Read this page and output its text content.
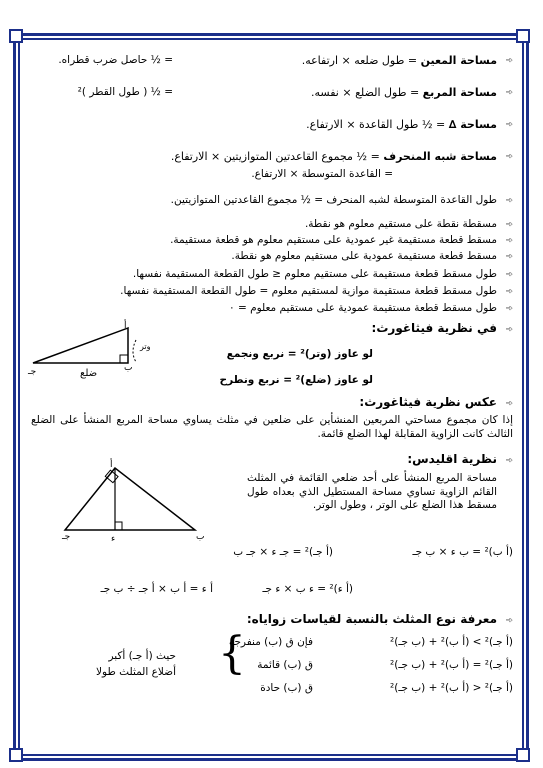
➾
مساحة المعين = طول ضلعه × ارتفاعه.
= ½ حاصل ضرب قطراه.
➾
مساحة المربع = طول الضلع × نفسه.
= ½ ( طول القطر )²
➾
مساحة ∆ = ½ طول القاعدة × الارتفاع.
➾
مساحة شبه المنحرف = ½ مجموع القاعدتين المتوازيتين × الارتفاع.
= القاعدة المتوسطة × الارتفاع.
➾
طول القاعدة المتوسطة لشبه المنحرف = ½ مجموع القاعدتين المتوازيتين.
➾
مسقطة نقطة على مستقيم معلوم هو نقطة.
➾
مسقط قطعة مستقيمة غير عمودية على مستقيم معلوم هو قطعة مستقيمة.
➾
مسقط قطعة مستقيمة عمودية على مستقيم معلوم هو نقطة.
➾
طول مسقط قطعة مستقيمة على مستقيم معلوم ≤ طول القطعة المستقيمة نفسها.
➾
طول مسقط قطعة مستقيمة موازية لمستقيم معلوم = طول القطعة المستقيمة نفسها.
➾
طول مسقط قطعة مستقيمة عمودية على مستقيم معلوم = ٠
➾
في نظرية فيثاغورث:
لو عاوز (وتر)² = نربع ونجمع
لو عاوز (ضلع)² = نربع ونطرح
أ
ب
جـ	ضلع
وتر
➾
عكس نظرية فيثاغورث:
إذا كان مجموع مساحتي المربعين المنشأين على ضلعين في مثلث يساوي مساحة المربع المنشأ على الضلع الثالث كانت الزاوية المقابلة لهذا الضلع قائمة.
➾
نظرية اقليدس:
مساحة المربع المنشأ على أحد ضلعي القائمة في المثلث القائم الزاوية تساوي مساحة المستطيل الذي بعداه طول مسقط هذا الضلع على الوتر ، وطول الوتر.
أ
جـ	ب
ء
(أ ب)² = ب ء × ب جـ
(أ جـ)² = جـ ء × جـ ب
(أ ء)² = ء ب × ء جـ
أ ء = أ ب × أ جـ ÷ ب جـ
➾
معرفة نوع المثلث بالنسبة لقياسات زواياه:
(أ جـ)² > (أ ب)² + (ب جـ)²
فإن ق (ب) منفرجة
(أ جـ)² = (أ ب)² + (ب جـ)²
ق (ب) قائمة
(أ جـ)² < (أ ب)² + (ب جـ)²
ق (ب) حادة
{
حيث (أ جـ) أكبر
أضلاع المثلث طولا
